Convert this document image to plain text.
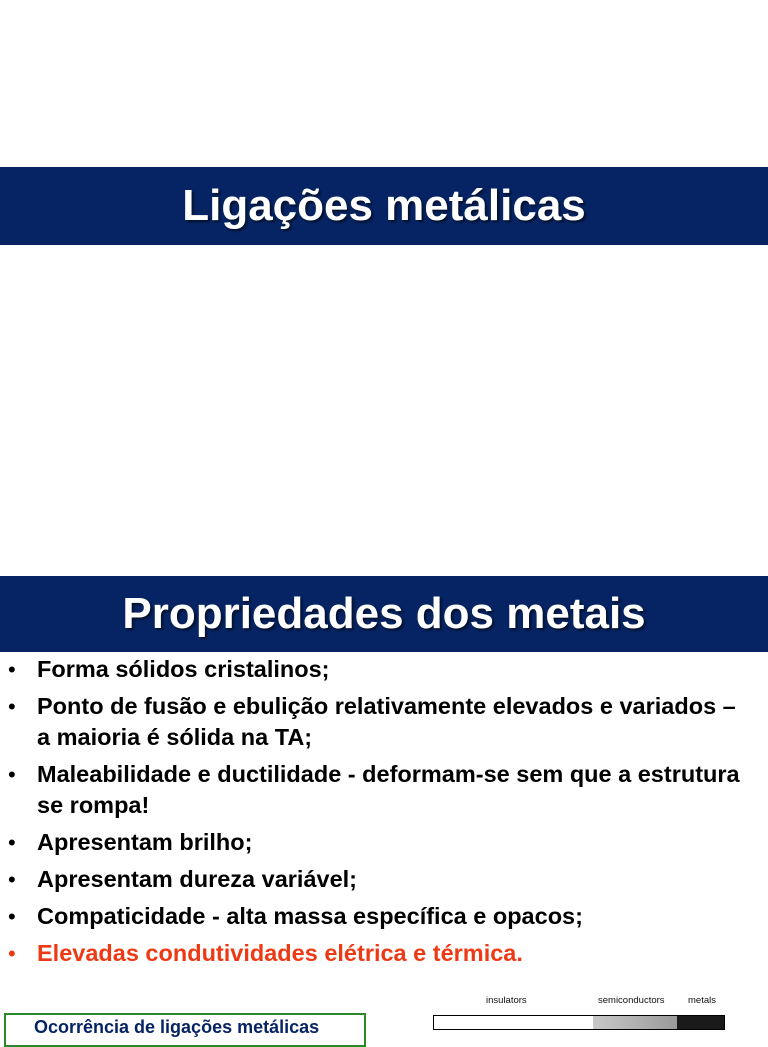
Ligações metálicas
Propriedades dos metais
• Forma sólidos cristalinos;
• Ponto de fusão e ebulição relativamente elevados e variados – a maioria é sólida na TA;
• Maleabilidade e ductilidade - deformam-se sem que a estrutura se rompa!
• Apresentam brilho;
• Apresentam dureza variável;
• Compaticidade - alta massa específica e opacos;
• Elevadas condutividades elétrica e térmica.
Ocorrência de ligações metálicas
insulators	semiconductors metals
